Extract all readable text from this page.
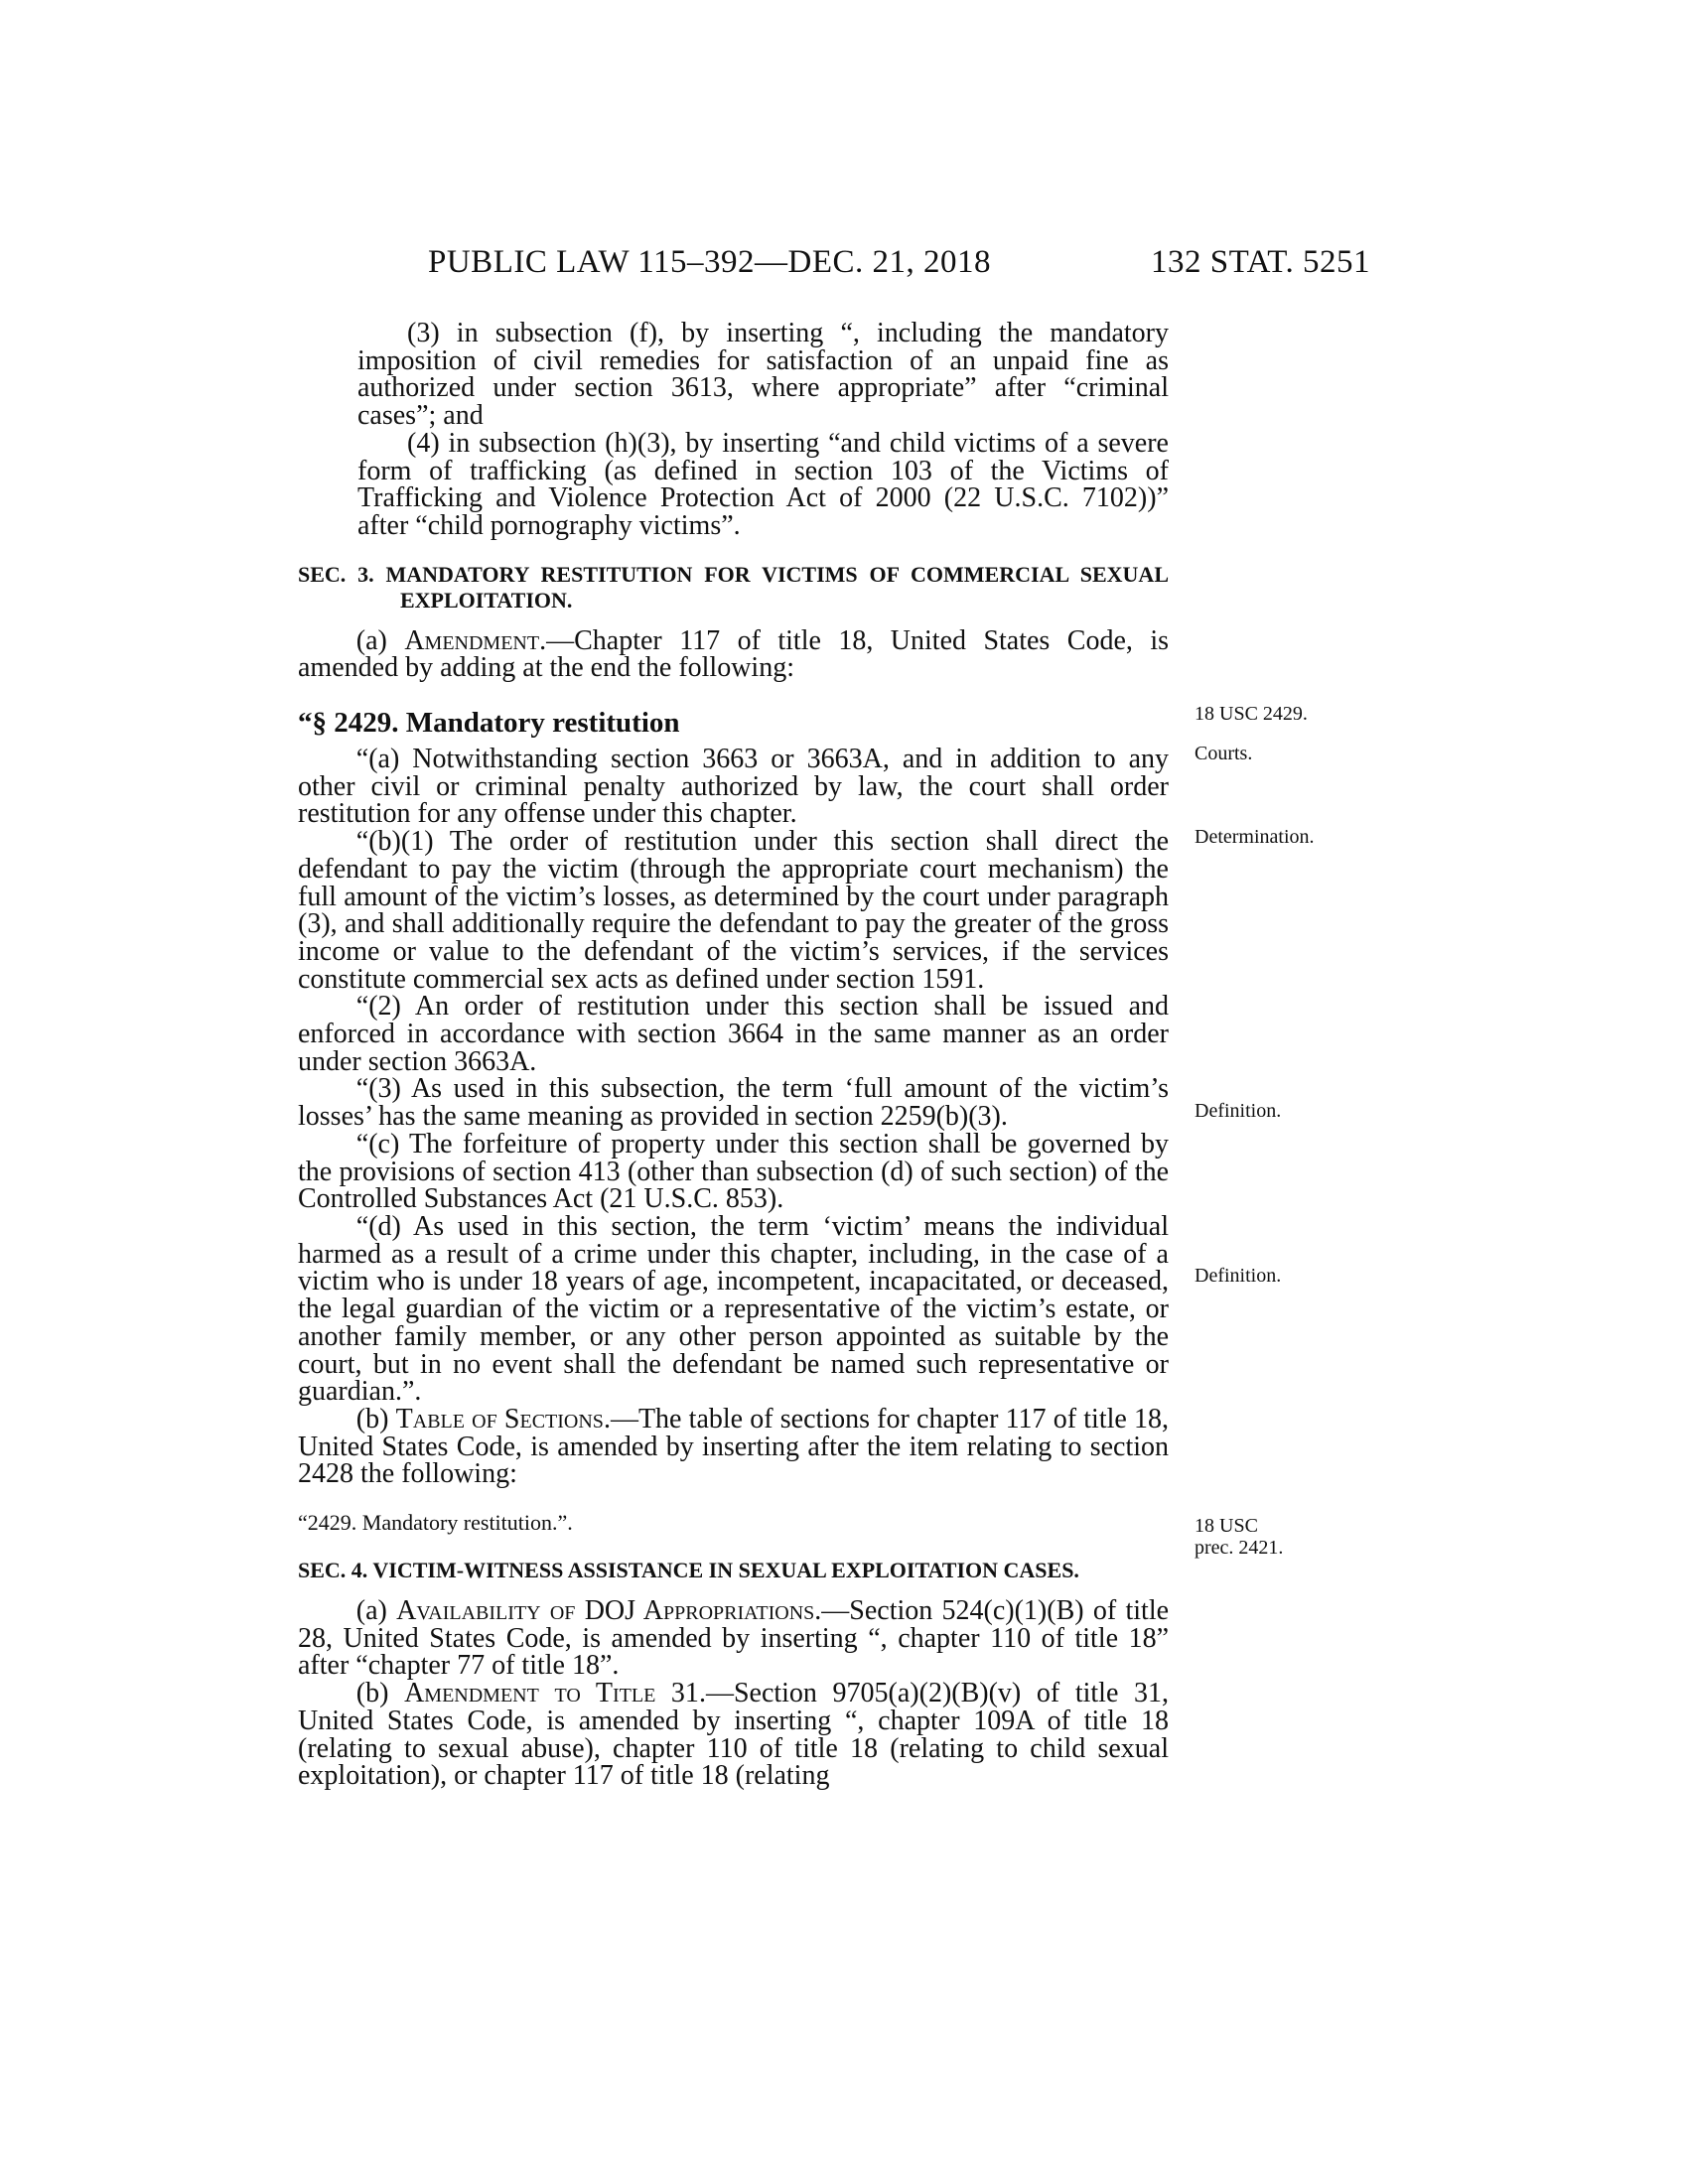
PUBLIC LAW 115–392—DEC. 21, 2018	132 STAT. 5251

(3) in subsection (f), by inserting “, including the mandatory imposition of civil remedies for satisfaction of an unpaid fine as authorized under section 3613, where appropriate” after “criminal cases”; and

(4) in subsection (h)(3), by inserting “and child victims of a severe form of trafficking (as defined in section 103 of the Victims of Trafficking and Violence Protection Act of 2000 (22 U.S.C. 7102))” after “child pornography victims”.

SEC. 3. MANDATORY RESTITUTION FOR VICTIMS OF COMMERCIAL SEXUAL EXPLOITATION.

(a) Amendment.—Chapter 117 of title 18, United States Code, is amended by adding at the end the following:

“§ 2429. Mandatory restitution

“(a) Notwithstanding section 3663 or 3663A, and in addition to any other civil or criminal penalty authorized by law, the court shall order restitution for any offense under this chapter.

“(b)(1) The order of restitution under this section shall direct the defendant to pay the victim (through the appropriate court mechanism) the full amount of the victim’s losses, as determined by the court under paragraph (3), and shall additionally require the defendant to pay the greater of the gross income or value to the defendant of the victim’s services, if the services constitute commercial sex acts as defined under section 1591.

“(2) An order of restitution under this section shall be issued and enforced in accordance with section 3664 in the same manner as an order under section 3663A.

“(3) As used in this subsection, the term ‘full amount of the victim’s losses’ has the same meaning as provided in section 2259(b)(3).

“(c) The forfeiture of property under this section shall be governed by the provisions of section 413 (other than subsection (d) of such section) of the Controlled Substances Act (21 U.S.C. 853).

“(d) As used in this section, the term ‘victim’ means the individual harmed as a result of a crime under this chapter, including, in the case of a victim who is under 18 years of age, incompetent, incapacitated, or deceased, the legal guardian of the victim or a representative of the victim’s estate, or another family member, or any other person appointed as suitable by the court, but in no event shall the defendant be named such representative or guardian.”.

(b) Table of Sections.—The table of sections for chapter 117 of title 18, United States Code, is amended by inserting after the item relating to section 2428 the following:

“2429. Mandatory restitution.”.

SEC. 4. VICTIM-WITNESS ASSISTANCE IN SEXUAL EXPLOITATION CASES.

(a) Availability of DOJ Appropriations.—Section 524(c)(1)(B) of title 28, United States Code, is amended by inserting “, chapter 110 of title 18” after “chapter 77 of title 18”.

(b) Amendment to Title 31.—Section 9705(a)(2)(B)(v) of title 31, United States Code, is amended by inserting “, chapter 109A of title 18 (relating to sexual abuse), chapter 110 of title 18 (relating to child sexual exploitation), or chapter 117 of title 18 (relating

18 USC 2429.
Courts.
Determination.
Definition.
Definition.
18 USC
prec. 2421.
